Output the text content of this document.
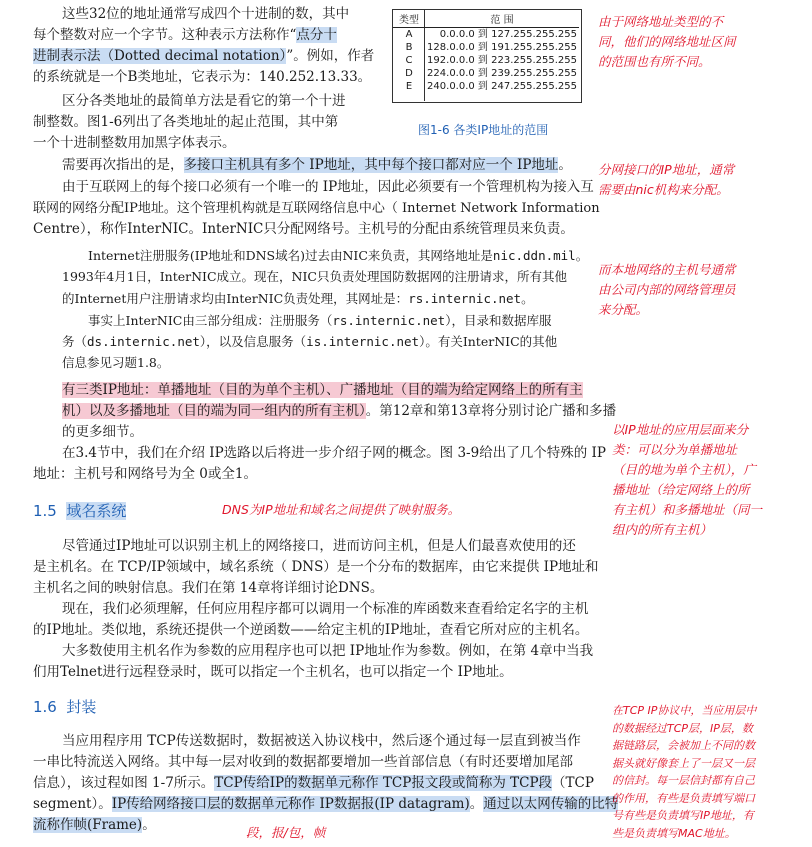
类型	范 围
A	0.0.0.0 到 127.255.255.255
B	128.0.0.0 到 191.255.255.255
C	192.0.0.0 到 223.255.255.255
D	224.0.0.0 到 239.255.255.255
E	240.0.0.0 到 247.255.255.255
图1-6 各类IP地址的范围
这些32位的地址通常写成四个十进制的数，其中
每个整数对应一个字节。这种表示方法称作“点分十
进制表示法（Dotted decimal notation）”。例如，作者
的系统就是一个B类地址，它表示为：140.252.13.33。
区分各类地址的最简单方法是看它的第一个十进
制整数。图1-6列出了各类地址的起止范围，其中第
一个十进制整数用加黑字体表示。
需要再次指出的是，多接口主机具有多个 IP地址，其中每个接口都对应一个 IP地址。
由于互联网上的每个接口必须有一个唯一的 IP地址，因此必须要有一个管理机构为接入互
联网的网络分配IP地址。这个管理机构就是互联网络信息中心（ Internet Network Information
Centre），称作InterNIC。InterNIC只分配网络号。主机号的分配由系统管理员来负责。
Internet注册服务(IP地址和DNS域名)过去由NIC来负责，其网络地址是nic.ddn.mil。
1993年4月1日，InterNIC成立。现在，NIC只负责处理国防数据网的注册请求，所有其他
的Internet用户注册请求均由InterNIC负责处理，其网址是：rs.internic.net。
事实上InterNIC由三部分组成：注册服务（rs.internic.net），目录和数据库服
务（ds.internic.net），以及信息服务（is.internic.net）。有关InterNIC的其他
信息参见习题1.8。
有三类IP地址：单播地址（目的为单个主机）、广播地址（目的端为给定网络上的所有主
机）以及多播地址（目的端为同一组内的所有主机）。第12章和第13章将分别讨论广播和多播
的更多细节。
在3.4节中，我们在介绍 IP选路以后将进一步介绍子网的概念。图 3-9给出了几个特殊的 IP
地址：主机号和网络号为全 0或全1。
1.5 域名系统
尽管通过IP地址可以识别主机上的网络接口，进而访问主机，但是人们最喜欢使用的还
是主机名。在 TCP/IP领域中，域名系统（ DNS）是一个分布的数据库，由它来提供 IP地址和
主机名之间的映射信息。我们在第 14章将详细讨论DNS。
现在，我们必须理解，任何应用程序都可以调用一个标准的库函数来查看给定名字的主机
的IP地址。类似地，系统还提供一个逆函数——给定主机的IP地址，查看它所对应的主机名。
大多数使用主机名作为参数的应用程序也可以把 IP地址作为参数。例如，在第 4章中当我
们用Telnet进行远程登录时，既可以指定一个主机名，也可以指定一个 IP地址。
1.6 封装
当应用程序用 TCP传送数据时，数据被送入协议栈中，然后逐个通过每一层直到被当作
一串比特流送入网络。其中每一层对收到的数据都要增加一些首部信息（有时还要增加尾部
信息），该过程如图 1-7所示。TCP传给IP的数据单元称作 TCP报文段或简称为 TCP段（TCP
segment）。IP传给网络接口层的数据单元称作 IP数据报(IP datagram)。通过以太网传输的比特
流称作帧(Frame)。
由于网络地址类型的不
同，他们的网络地址区间
的范围也有所不同。
分网接口的IP地址，通常
需要由nic机构来分配。
而本地网络的主机号通常
由公司内部的网络管理员
来分配。
以IP地址的应用层面来分
类：可以分为单播地址
（目的地为单个主机），广
播地址（给定网络上的所
有主机）和多播地址（同一
组内的所有主机）
DNS为IP地址和域名之间提供了映射服务。
在TCP IP协议中，当应用层中
的数据经过TCP层，IP层，数
据链路层，会被加上不同的数
据头就好像套上了一层又一层
的信封。每一层信封都有自己
的作用，有些是负责填写端口
号有些是负责填写IP地址，有
些是负责填写MAC地址。
段，报/包，帧
